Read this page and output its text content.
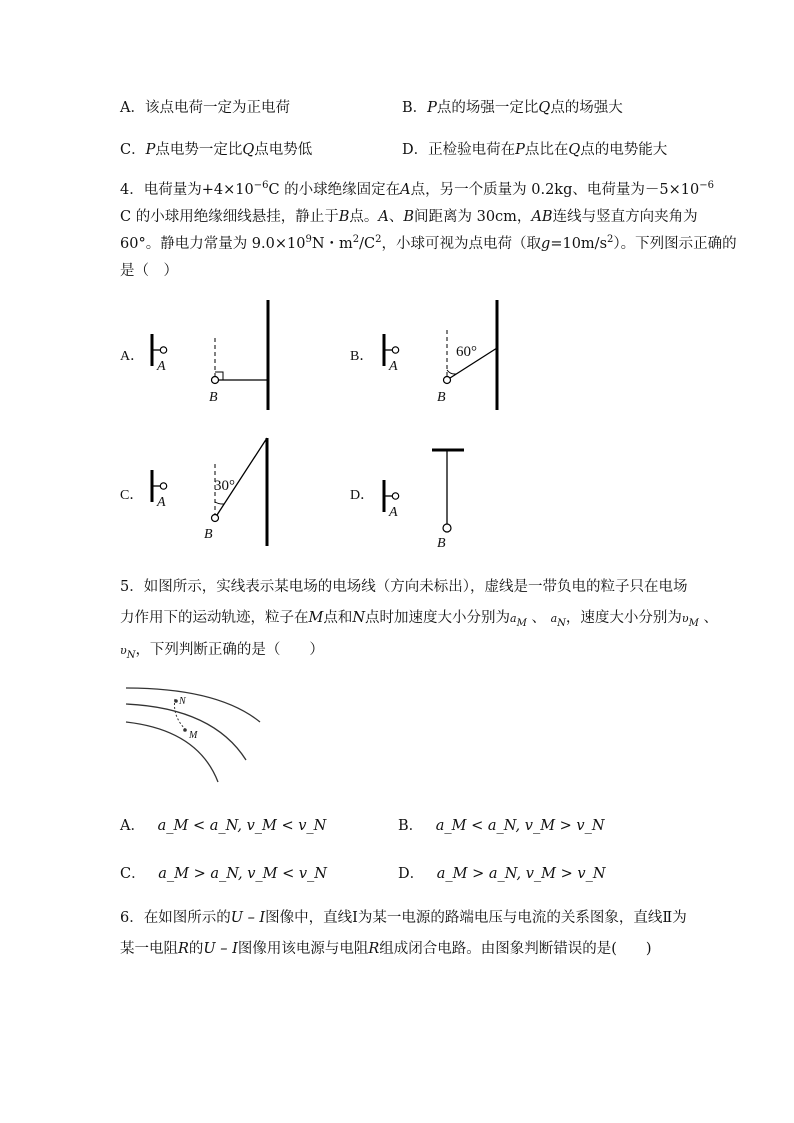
A．该点电荷一定为正电荷	B．P点的场强一定比Q点的场强大
C．P点电势一定比Q点电势低	D．正检验电荷在P点比在Q点的电势能大
4．电荷量为$+4\times 10^{-6}C$ 的小球绝缘固定在A点，另一个质量为 0.2kg、电荷量为$-5\times 10^{-6}$
C 的小球用绝缘细线悬挂，静止于B点。A、B间距离为 30cm，AB连线与竖直方向夹角为
60°。静电力常量为 $9.0\times 10^9N$・$m^2/C^2$，小球可视为点电荷（取$g=10m/s^2$）。下列图示正确的
是（　）
A．
A
B
B．
A
B
60°
C． A
B
30°
D．
A
B
5．如图所示，实线表示某电场的电场线（方向未标出），虚线是一带负电的粒子只在电场
力作用下的运动轨迹，粒子在M点和N点时加速度大小分别为$a_M$ 、 $a_N$，速度大小分别为$\upsilon_M$ 、
$\upsilon_N$，下列判断正确的是（　　）
N
M
A． a_M < a_N, v_M < v_N	B． a_M < a_N, v_M > v_N
C． a_M > a_N, v_M < v_N	D． a_M > a_N, v_M > v_N
6．在如图所示的U – I图像中，直线Ⅰ为某一电源的路端电压与电流的关系图象，直线Ⅱ为
某一电阻R的U – I图像用该电源与电阻R组成闭合电路。由图象判断错误的是(　　)
